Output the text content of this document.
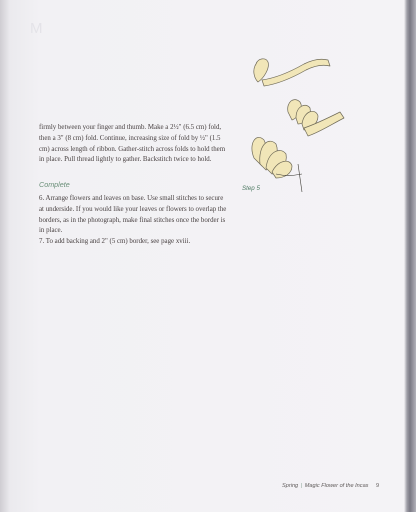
M

firmly between your finger and thumb. Make a 2½" (6.5 cm) fold, then a 3" (8 cm) fold. Continue, increasing size of fold by ½" (1.5 cm) across length of ribbon. Gather-stitch across folds to hold them in place. Pull thread lightly to gather. Backstitch twice to hold.

Complete

6. Arrange flowers and leaves on base. Use small stitches to secure at underside. If you would like your leaves or flowers to overlap the borders, as in the photograph, make final stitches once the border is in place.

7. To add backing and 2" (5 cm) border, see page xviii.

Step 5
Spring | Magic Flower of the Incas 9
